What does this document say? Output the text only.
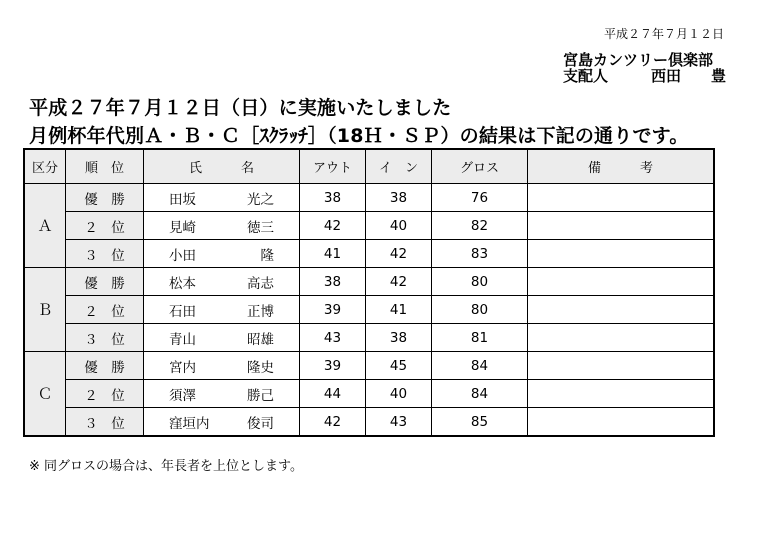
平成２７年７月１２日
宮島カンツリー倶楽部
支配人	西田　　豊
平成２７年７月１２日（日）に実施いたしました
月例杯年代別Ａ・Ｂ・Ｃ［ｽｸﾗｯﾁ］（18Ｈ・ＳＰ）の結果は下記の通りです。
区分	順　位	氏　　　名	アウト	イ　ン	グロス	備　　　考
Ａ	優　勝	田坂 光之	38	38	76	
	２　位	見崎 徳三	42	40	82	
	３　位	小田 隆	41	42	83	
Ｂ	優　勝	松本 高志	38	42	80	
	２　位	石田 正博	39	41	80	
	３　位	青山 昭雄	43	38	81	
Ｃ	優　勝	宮内 隆史	39	45	84	
	２　位	須澤 勝己	44	40	84	
	３　位	窪垣内 俊司	42	43	85	
※ 同グロスの場合は、年長者を上位とします。
